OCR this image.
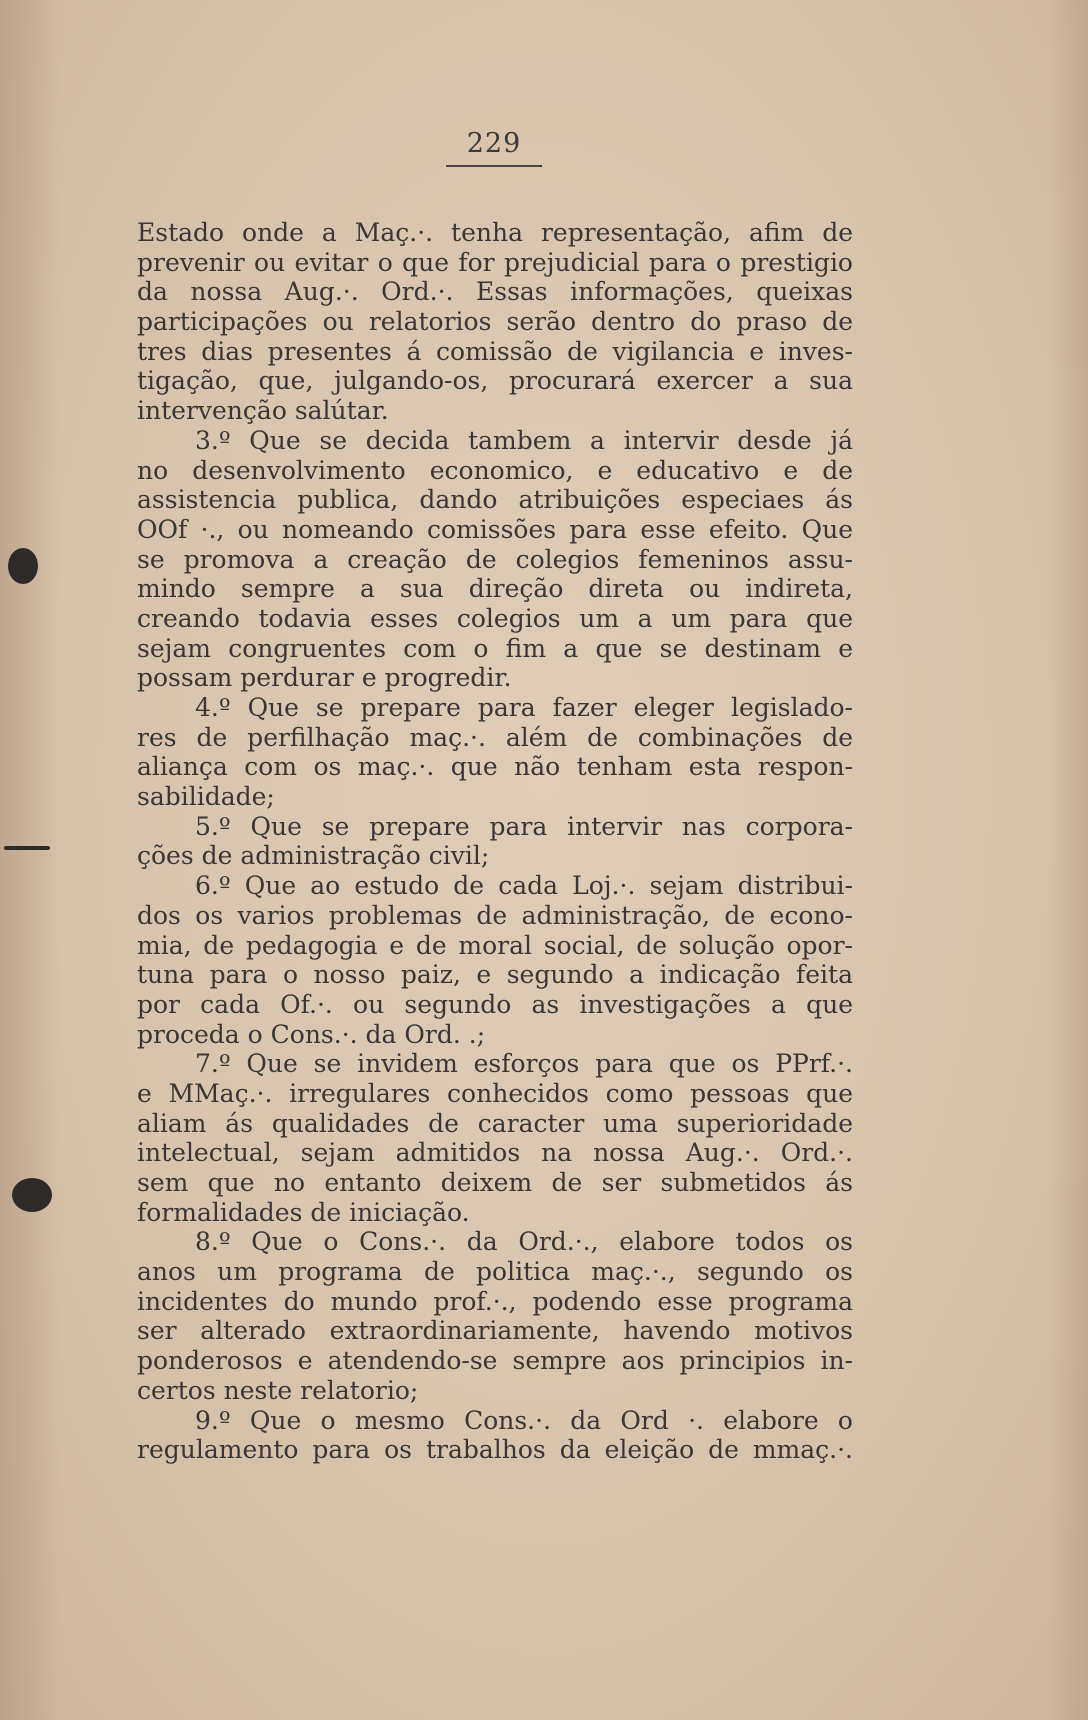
229
Estado onde a Maç.·. tenha representação, afim de
prevenir ou evitar o que for prejudicial para o prestigio
da nossa Aug.·. Ord.·. Essas informações, queixas
participações ou relatorios serão dentro do praso de
tres dias presentes á comissão de vigilancia e inves-
tigação, que, julgando-os, procurará exercer a sua
intervenção salútar.
3.º Que se decida tambem a intervir desde já
no desenvolvimento economico, e educativo e de
assistencia publica, dando atribuições especiaes ás
OOf ·., ou nomeando comissões para esse efeito. Que
se promova a creação de colegios femeninos assu-
mindo sempre a sua direção direta ou indireta,
creando todavia esses colegios um a um para que
sejam congruentes com o fim a que se destinam e
possam perdurar e progredir.
4.º Que se prepare para fazer eleger legislado-
res de perfilhação maç.·. além de combinações de
aliança com os maç.·. que não tenham esta respon-
sabilidade;
5.º Que se prepare para intervir nas corpora-
ções de administração civil;
6.º Que ao estudo de cada Loj.·. sejam distribui-
dos os varios problemas de administração, de econo-
mia, de pedagogia e de moral social, de solução opor-
tuna para o nosso paiz, e segundo a indicação feita
por cada Of.·. ou segundo as investigações a que
proceda o Cons.·. da Ord. .;
7.º Que se invidem esforços para que os PPrf.·.
e MMaç.·. irregulares conhecidos como pessoas que
aliam ás qualidades de caracter uma superioridade
intelectual, sejam admitidos na nossa Aug.·. Ord.·.
sem que no entanto deixem de ser submetidos ás
formalidades de iniciação.
8.º Que o Cons.·. da Ord.·., elabore todos os
anos um programa de politica maç.·., segundo os
incidentes do mundo prof.·., podendo esse programa
ser alterado extraordinariamente, havendo motivos
ponderosos e atendendo-se sempre aos principios in-
certos neste relatorio;
9.º Que o mesmo Cons.·. da Ord ·. elabore o
regulamento para os trabalhos da eleição de mmaç.·.
